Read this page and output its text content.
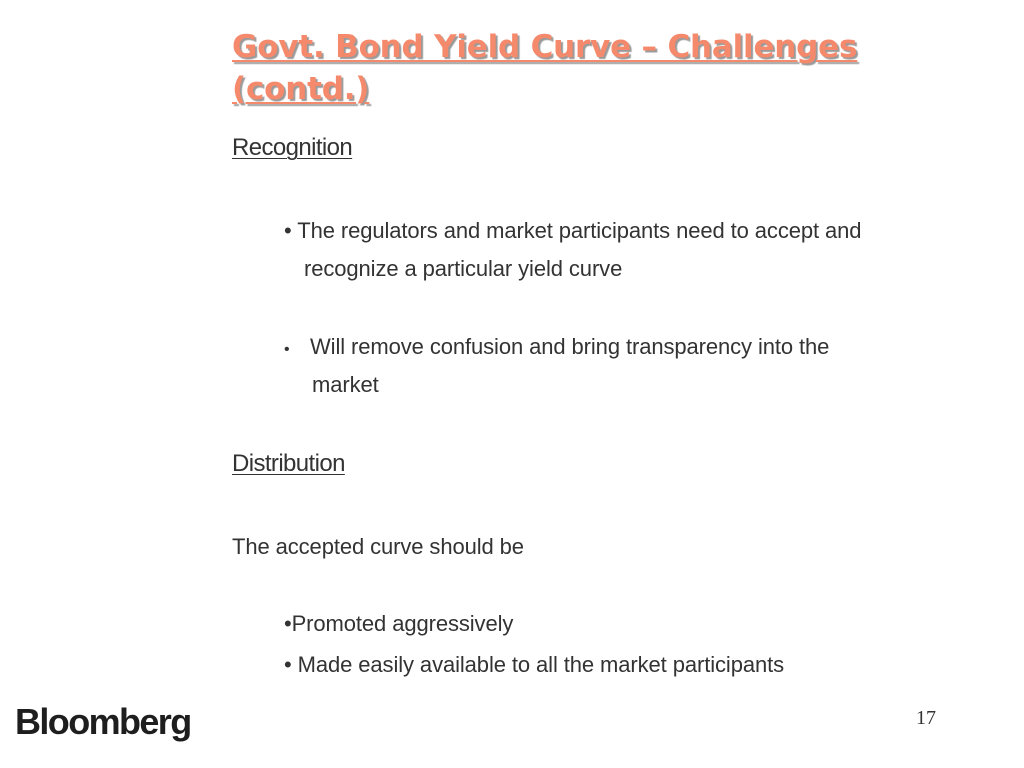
Govt. Bond Yield Curve – Challenges (contd.)
Recognition
• The regulators and market participants need to accept and
recognize a particular yield curve
• Will remove confusion and bring transparency into the
market
Distribution
The accepted curve should be
•Promoted aggressively
• Made easily available to all the market participants
Bloomberg	17
